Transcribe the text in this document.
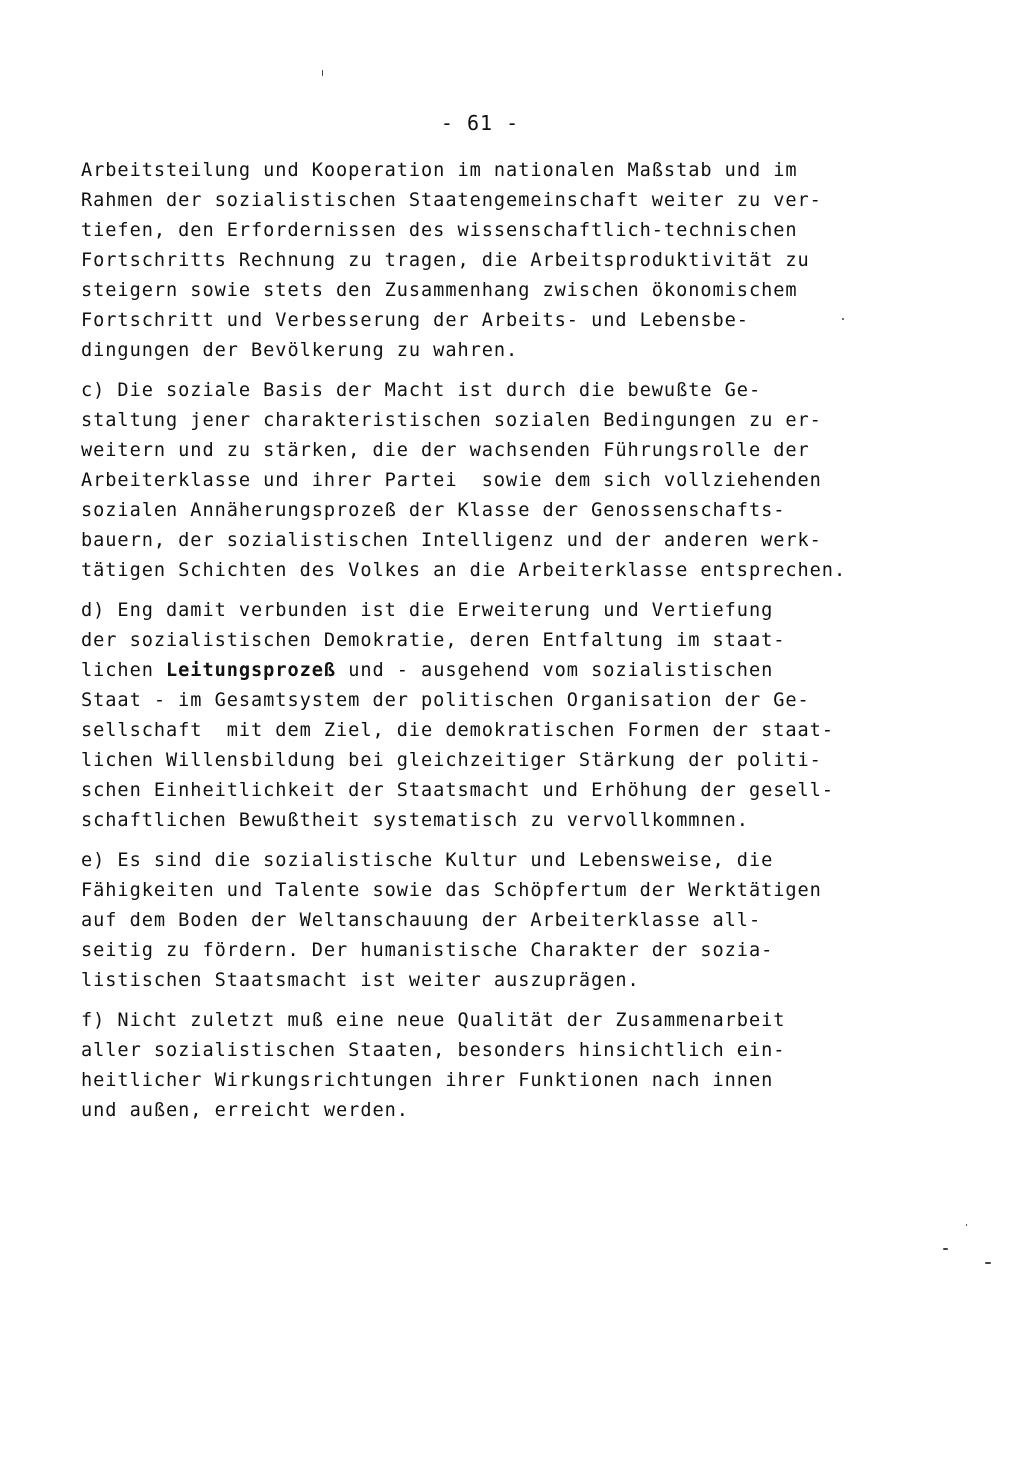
- 61 -
Arbeitsteilung und Kooperation im nationalen Maßstab und im
Rahmen der sozialistischen Staatengemeinschaft weiter zu ver-
tiefen, den Erfordernissen des wissenschaftlich-technischen
Fortschritts Rechnung zu tragen, die Arbeitsproduktivität zu
steigern sowie stets den Zusammenhang zwischen ökonomischem
Fortschritt und Verbesserung der Arbeits- und Lebensbe-
dingungen der Bevölkerung zu wahren.
c) Die soziale Basis der Macht ist durch die bewußte Ge-
staltung jener charakteristischen sozialen Bedingungen zu er-
weitern und zu stärken, die der wachsenden Führungsrolle der
Arbeiterklasse und ihrer Partei  sowie dem sich vollziehenden
sozialen Annäherungsprozeß der Klasse der Genossenschafts-
bauern, der sozialistischen Intelligenz und der anderen werk-
tätigen Schichten des Volkes an die Arbeiterklasse entsprechen.
d) Eng damit verbunden ist die Erweiterung und Vertiefung
der sozialistischen Demokratie, deren Entfaltung im staat-
lichen Leitungsprozeß und - ausgehend vom sozialistischen
Staat - im Gesamtsystem der politischen Organisation der Ge-
sellschaft  mit dem Ziel, die demokratischen Formen der staat-
lichen Willensbildung bei gleichzeitiger Stärkung der politi-
schen Einheitlichkeit der Staatsmacht und Erhöhung der gesell-
schaftlichen Bewußtheit systematisch zu vervollkommnen.
e) Es sind die sozialistische Kultur und Lebensweise, die
Fähigkeiten und Talente sowie das Schöpfertum der Werktätigen
auf dem Boden der Weltanschauung der Arbeiterklasse all-
seitig zu fördern. Der humanistische Charakter der sozia-
listischen Staatsmacht ist weiter auszuprägen.
f) Nicht zuletzt muß eine neue Qualität der Zusammenarbeit
aller sozialistischen Staaten, besonders hinsichtlich ein-
heitlicher Wirkungsrichtungen ihrer Funktionen nach innen
und außen, erreicht werden.
